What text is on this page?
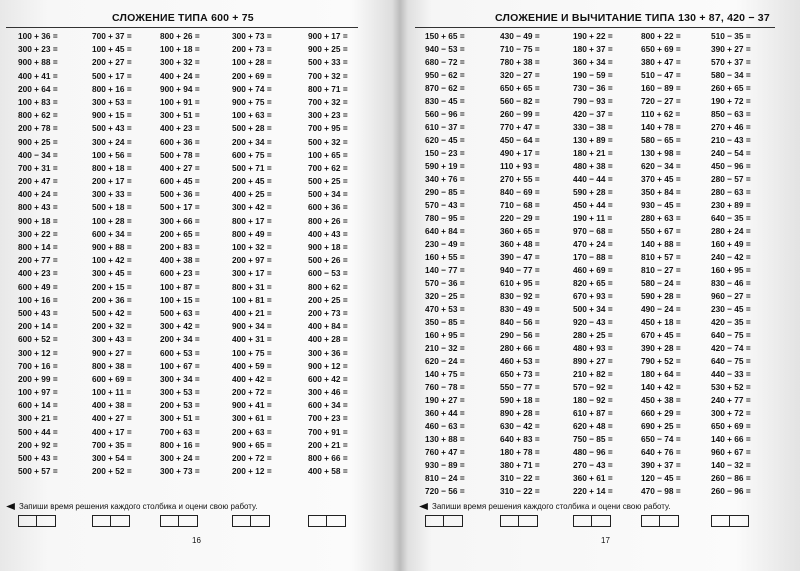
СЛОЖЕНИЕ ТИПА 600 + 75
100 + 36 =
300 + 23 =
900 + 88 =
400 + 41 =
200 + 64 =
100 + 83 =
800 + 62 =
200 + 78 =
900 + 25 =
400 − 34 =
700 + 31 =
200 + 47 =
400 + 24 =
800 + 43 =
900 + 18 =
300 + 22 =
800 + 14 =
200 + 77 =
400 + 23 =
600 + 49 =
100 + 16 =
500 + 43 =
200 + 14 =
600 + 52 =
300 + 12 =
700 + 16 =
200 + 99 =
100 + 97 =
600 + 14 =
300 + 21 =
500 + 44 =
200 + 92 =
500 + 43 =
500 + 57 =
700 + 37 =
100 + 45 =
200 + 27 =
500 + 17 =
800 + 16 =
300 + 53 =
900 + 15 =
500 + 43 =
300 + 24 =
100 + 56 =
800 + 18 =
200 + 17 =
300 + 33 =
500 + 18 =
100 + 28 =
600 + 34 =
900 + 88 =
100 + 42 =
300 + 45 =
200 + 15 =
200 + 36 =
500 + 42 =
200 + 32 =
300 + 43 =
900 + 27 =
800 + 38 =
600 + 69 =
100 + 11 =
400 + 38 =
400 + 27 =
400 + 17 =
700 + 35 =
300 + 54 =
200 + 52 =
800 + 26 =
100 + 18 =
300 + 32 =
400 + 24 =
900 + 94 =
100 + 91 =
300 + 51 =
400 + 23 =
600 + 36 =
500 + 78 =
400 + 27 =
600 + 45 =
500 + 36 =
500 + 17 =
300 + 66 =
200 + 65 =
200 + 83 =
400 + 38 =
600 + 23 =
100 + 87 =
100 + 15 =
500 + 63 =
300 + 42 =
200 + 34 =
600 + 53 =
100 + 67 =
300 + 34 =
300 + 53 =
200 + 53 =
300 + 51 =
700 + 63 =
800 + 16 =
300 + 24 =
300 + 73 =
300 + 73 =
200 + 73 =
100 + 28 =
200 + 69 =
900 + 74 =
900 + 75 =
100 + 63 =
500 + 28 =
200 + 34 =
600 + 75 =
500 + 71 =
200 + 45 =
400 + 25 =
300 + 42 =
800 + 17 =
800 + 49 =
100 + 32 =
200 + 97 =
300 + 17 =
800 + 31 =
100 + 81 =
400 + 21 =
900 + 34 =
400 + 31 =
100 + 75 =
400 + 59 =
400 + 42 =
200 + 72 =
900 + 41 =
300 + 61 =
200 + 63 =
900 + 65 =
200 + 72 =
200 + 12 =
900 + 17 =
900 + 25 =
500 + 33 =
700 + 32 =
800 + 71 =
700 + 32 =
300 + 23 =
700 + 95 =
500 + 32 =
100 + 65 =
700 + 62 =
500 + 25 =
500 + 34 =
600 + 36 =
800 + 26 =
400 + 43 =
900 + 18 =
500 + 26 =
600 − 53 =
800 + 62 =
200 + 25 =
200 + 73 =
400 + 84 =
400 + 28 =
300 + 36 =
900 + 12 =
600 + 42 =
300 + 46 =
600 + 34 =
700 + 23 =
700 + 91 =
200 + 21 =
800 + 66 =
400 + 58 =
Запиши время решения каждого столбика и оцени свою работу.
16
СЛОЖЕНИЕ И ВЫЧИТАНИЕ ТИПА 130 + 87, 420 − 37
150 + 65 =
940 − 53 =
680 − 72 =
950 − 62 =
870 − 62 =
830 − 45 =
560 − 96 =
610 − 37 =
620 − 45 =
150 − 23 =
590 + 19 =
340 + 76 =
290 − 85 =
570 − 43 =
780 − 95 =
640 + 84 =
230 − 49 =
160 + 55 =
140 − 77 =
570 − 36 =
320 − 25 =
470 + 53 =
350 − 85 =
160 + 95 =
210 − 32 =
620 − 24 =
140 + 75 =
760 − 78 =
190 + 27 =
360 + 44 =
460 − 63 =
130 + 88 =
760 + 47 =
930 − 89 =
810 − 24 =
720 − 56 =
430 − 49 =
710 − 75 =
780 + 38 =
320 − 27 =
650 + 65 =
560 − 82 =
260 − 99 =
770 + 47 =
450 − 64 =
490 + 17 =
110 + 93 =
270 + 55 =
840 − 69 =
710 − 68 =
220 − 29 =
360 + 65 =
360 + 48 =
390 − 47 =
940 − 77 =
610 + 95 =
830 − 92 =
830 − 49 =
840 − 56 =
290 − 56 =
280 + 66 =
460 + 53 =
650 + 73 =
550 − 77 =
590 + 18 =
890 + 28 =
630 − 42 =
640 + 83 =
180 + 78 =
380 + 71 =
310 − 22 =
310 − 22 =
190 + 22 =
180 + 37 =
360 + 34 =
190 − 59 =
730 − 36 =
790 − 93 =
420 − 37 =
330 − 38 =
130 + 89 =
180 + 21 =
480 + 38 =
440 − 44 =
590 + 28 =
450 + 44 =
190 + 11 =
970 − 68 =
470 + 24 =
170 − 88 =
460 + 69 =
820 + 65 =
670 + 93 =
500 + 34 =
920 − 43 =
280 + 25 =
480 + 93 =
890 + 27 =
210 + 82 =
570 − 92 =
180 − 92 =
610 + 87 =
620 + 48 =
750 − 85 =
480 − 96 =
270 − 43 =
360 + 61 =
220 + 14 =
800 + 22 =
650 + 69 =
380 + 47 =
510 − 47 =
160 − 89 =
720 − 27 =
110 + 62 =
140 + 78 =
580 − 65 =
130 + 98 =
620 − 34 =
370 + 45 =
350 + 84 =
930 − 45 =
280 + 63 =
550 + 67 =
140 + 88 =
810 + 57 =
810 − 27 =
580 − 24 =
590 + 28 =
490 − 24 =
450 + 18 =
670 + 45 =
390 + 28 =
790 + 52 =
180 + 64 =
140 + 42 =
450 + 38 =
660 + 29 =
690 + 25 =
650 − 74 =
640 + 76 =
390 + 37 =
120 − 45 =
470 − 98 =
510 − 35 =
390 + 27 =
570 + 37 =
580 − 34 =
260 + 65 =
190 + 72 =
850 − 63 =
270 + 46 =
210 − 43 =
240 − 54 =
450 − 96 =
280 − 57 =
280 − 63 =
230 + 89 =
640 − 35 =
280 + 24 =
160 + 49 =
240 − 42 =
160 + 95 =
830 − 46 =
960 − 27 =
230 − 45 =
420 − 35 =
640 − 75 =
420 − 74 =
640 − 75 =
440 − 33 =
530 + 52 =
240 + 77 =
300 + 72 =
650 + 69 =
140 + 66 =
960 + 67 =
140 − 32 =
260 − 86 =
260 − 96 =
Запиши время решения каждого столбика и оцени свою работу.
17
